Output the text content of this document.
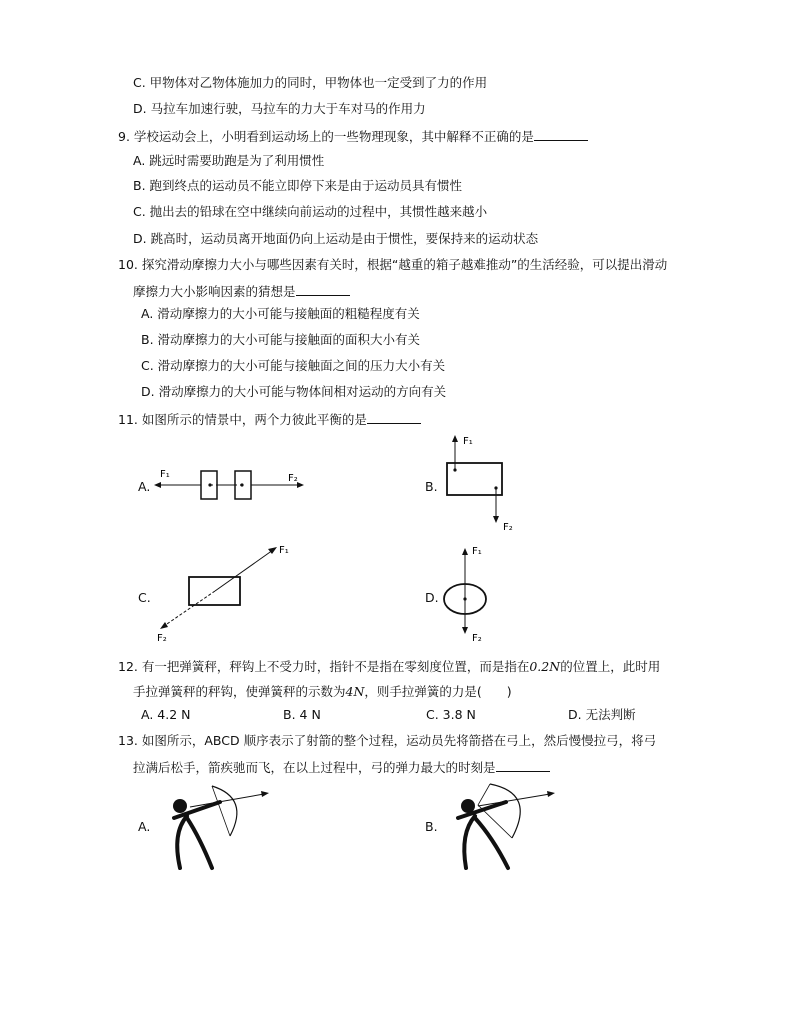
C. 甲物体对乙物体施加力的同时，甲物体也一定受到了力的作用
D. 马拉车加速行驶，马拉车的力大于车对马的作用力
9. 学校运动会上，小明看到运动场上的一些物理现象，其中解释不正确的是
A. 跳远时需要助跑是为了利用惯性
B. 跑到终点的运动员不能立即停下来是由于运动员具有惯性
C. 抛出去的铅球在空中继续向前运动的过程中，其惯性越来越小
D. 跳高时，运动员离开地面仍向上运动是由于惯性，要保持来的运动状态
10. 探究滑动摩擦力大小与哪些因素有关时，根据“越重的箱子越难推动”的生活经验，可以提出滑动
摩擦力大小影响因素的猜想是
A. 滑动摩擦力的大小可能与接触面的粗糙程度有关
B. 滑动摩擦力的大小可能与接触面的面积大小有关
C. 滑动摩擦力的大小可能与接触面之间的压力大小有关
D. 滑动摩擦力的大小可能与物体间相对运动的方向有关
11. 如图所示的情景中，两个力彼此平衡的是
A.
F₁	F₂
B.
F₁
F₂
C.
F₁
F₂
D.
F₁
F₂
12. 有一把弹簧秤，秤钩上不受力时，指针不是指在零刻度位置，而是指在0.2N的位置上，此时用
手拉弹簧秤的秤钩，使弹簧秤的示数为4N，则手拉弹簧的力是(　　)
A. 4.2 N	B. 4 N	C. 3.8 N	D. 无法判断
13. 如图所示，ABCD 顺序表示了射箭的整个过程，运动员先将箭搭在弓上，然后慢慢拉弓，将弓
拉满后松手，箭疾驰而飞，在以上过程中，弓的弹力最大的时刻是
A.	B.
